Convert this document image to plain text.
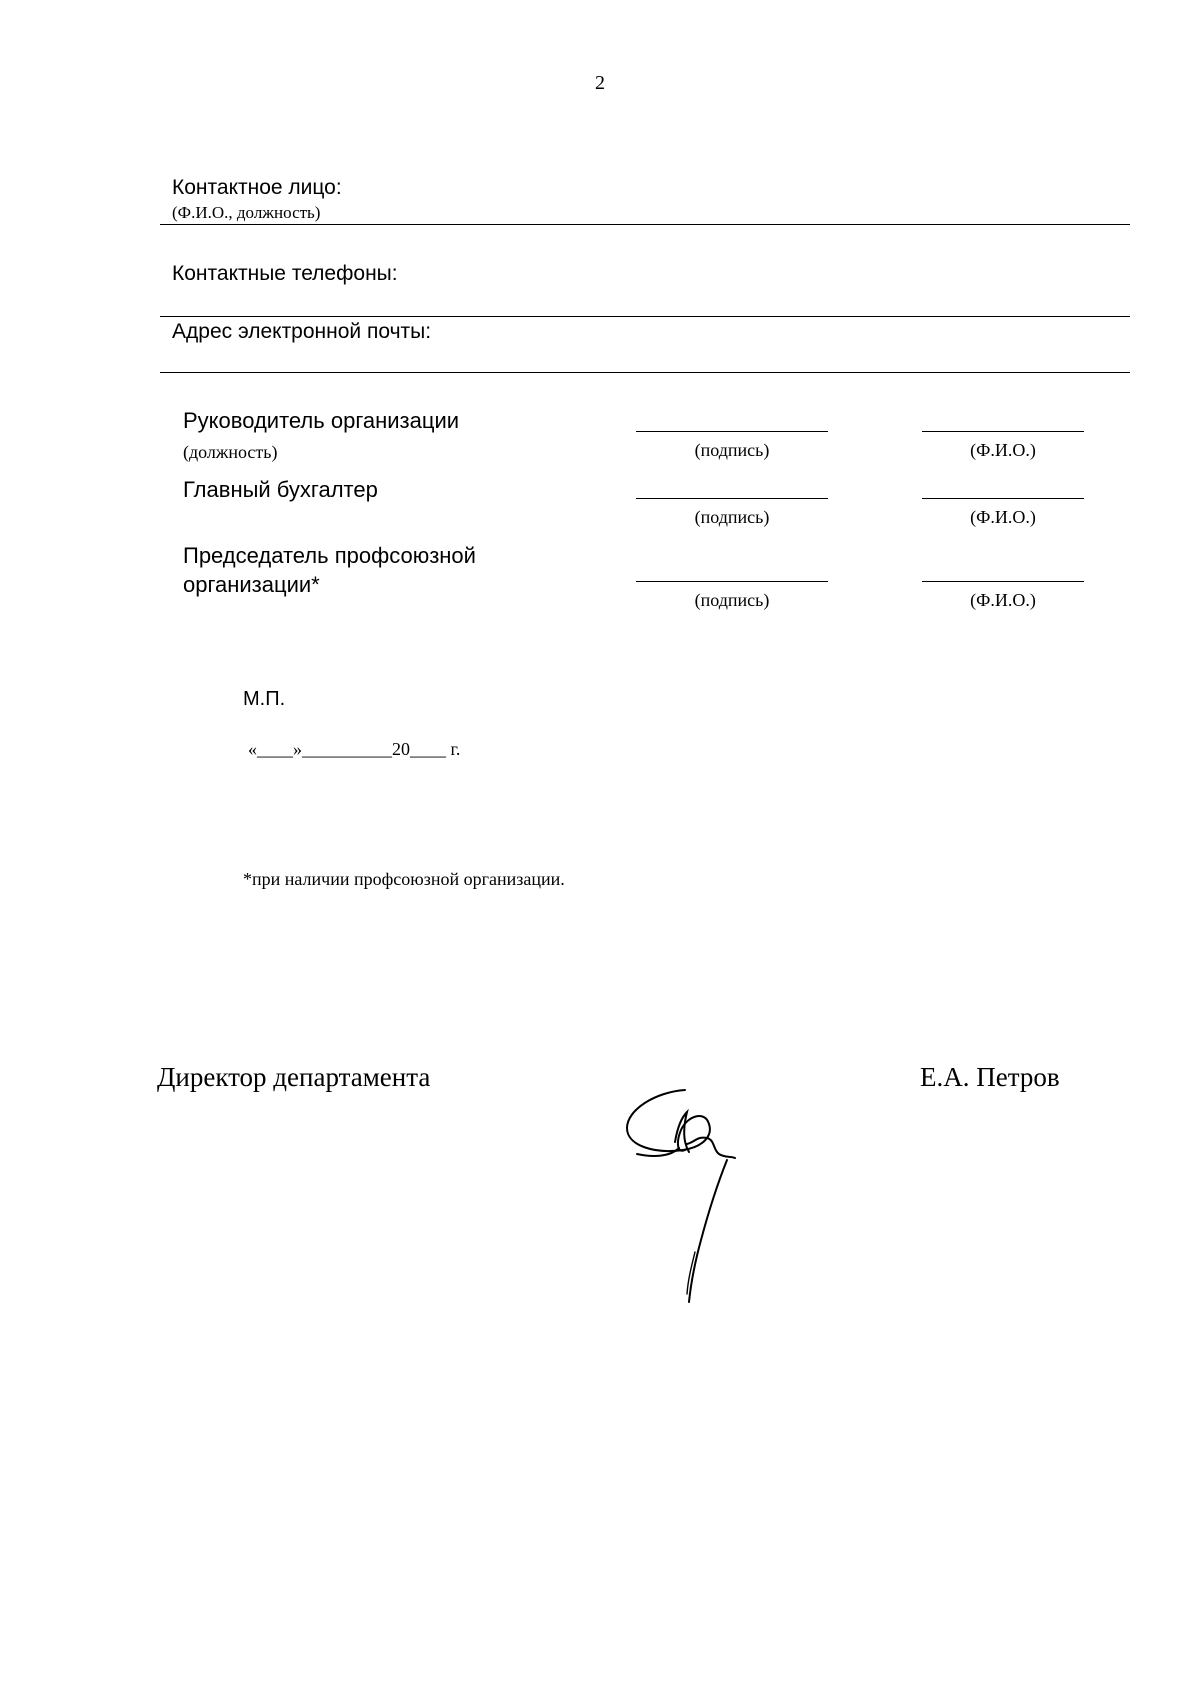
2
Контактное лицо:
(Ф.И.О., должность)
Контактные телефоны:
Адрес электронной почты:
Руководитель организации
(должность)	(подпись)	(Ф.И.О.)
Главный бухгалтер
(подпись)	(Ф.И.О.)
Председатель профсоюзной
организации*
(подпись)	(Ф.И.О.)
М.П.
«____»__________20____ г.
*при наличии профсоюзной организации.
Директор департамента	Е.А. Петров
